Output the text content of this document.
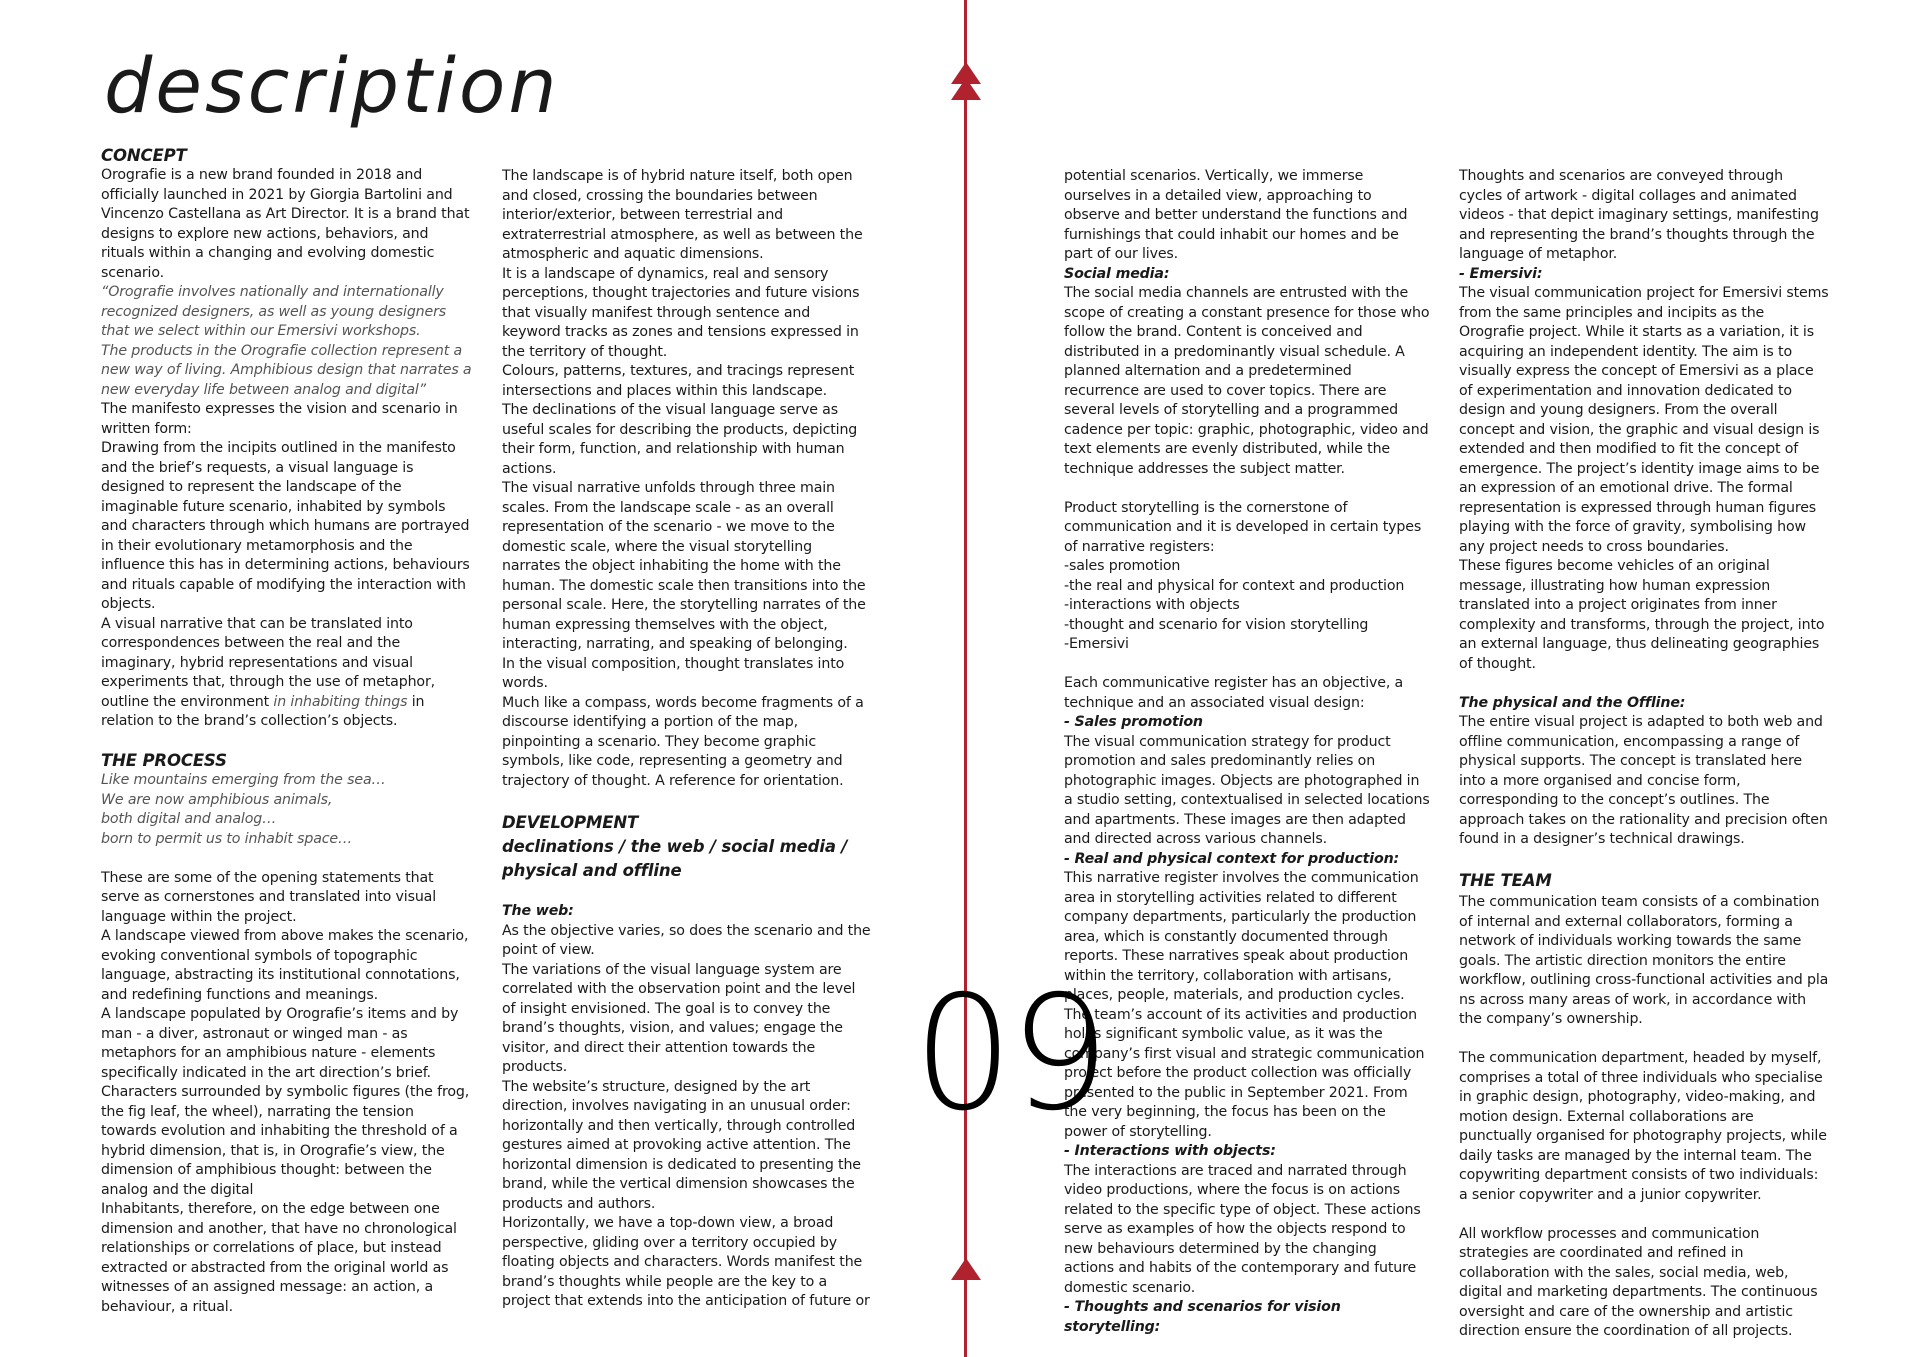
description
CONCEPT

Orografie is a new brand founded in 2018 and officially launched in 2021 by Giorgia Bartolini and Vincenzo Castellana as Art Director. It is a brand that designs to explore new actions, behaviors, and rituals within a changing and evolving domestic scenario.

“Orografie involves nationally and internationally recognized designers, as well as young designers that we select within our Emersivi workshops.

The products in the Orografie collection represent a new way of living. Amphibious design that narrates a new everyday life between analog and digital”

The manifesto expresses the vision and scenario in written form:

Drawing from the incipits outlined in the manifesto and the brief’s requests, a visual language is designed to represent the landscape of the imaginable future scenario, inhabited by symbols and characters through which humans are portrayed in their evolutionary metamorphosis and the influence this has in determining actions, behaviours and rituals capable of modifying the interaction with objects.

A visual narrative that can be translated into correspondences between the real and the imaginary, hybrid representations and visual experiments that, through the use of metaphor, outline the environment in inhabiting things in relation to the brand’s collection’s objects.

THE PROCESS

Like mountains emerging from the sea…

We are now amphibious animals,

both digital and analog…

born to permit us to inhabit space…

These are some of the opening statements that serve as cornerstones and translated into visual language within the project.

A landscape viewed from above makes the scenario, evoking conventional symbols of topographic language, abstracting its institutional connotations, and redefining functions and meanings.

A landscape populated by Orografie’s items and by man - a diver, astronaut or winged man - as metaphors for an amphibious nature - elements specifically indicated in the art direction’s brief.

Characters surrounded by symbolic figures (the frog, the fig leaf, the wheel), narrating the tension towards evolution and inhabiting the threshold of a hybrid dimension, that is, in Orografie’s view, the dimension of amphibious thought: between the analog and the digital

Inhabitants, therefore, on the edge between one dimension and another, that have no chronological relationships or correlations of place, but instead extracted or abstracted from the original world as witnesses of an assigned message: an action, a behaviour, a ritual.

The landscape is of hybrid nature itself, both open and closed, crossing the boundaries between interior/exterior, between terrestrial and extraterrestrial atmosphere, as well as between the atmospheric and aquatic dimensions.

It is a landscape of dynamics, real and sensory perceptions, thought trajectories and future visions that visually manifest through sentence and keyword tracks as zones and tensions expressed in the territory of thought.

Colours, patterns, textures, and tracings represent intersections and places within this landscape.

The declinations of the visual language serve as useful scales for describing the products, depicting their form, function, and relationship with human actions.

The visual narrative unfolds through three main scales. From the landscape scale - as an overall representation of the scenario - we move to the domestic scale, where the visual storytelling narrates the object inhabiting the home with the human. The domestic scale then transitions into the personal scale. Here, the storytelling narrates of the human expressing themselves with the object, interacting, narrating, and speaking of belonging.

In the visual composition, thought translates into words.

Much like a compass, words become fragments of a discourse identifying a portion of the map, pinpointing a scenario. They become graphic symbols, like code, representing a geometry and trajectory of thought. A reference for orientation.

DEVELOPMENT
declinations / the web / social media /
physical and offline
The web:

As the objective varies, so does the scenario and the point of view.

The variations of the visual language system are correlated with the observation point and the level of insight envisioned. The goal is to convey the brand’s thoughts, vision, and values; engage the visitor, and direct their attention towards the products.

The website’s structure, designed by the art direction, involves navigating in an unusual order: horizontally and then vertically, through controlled gestures aimed at provoking active attention. The horizontal dimension is dedicated to presenting the brand, while the vertical dimension showcases the products and authors.

Horizontally, we have a top-down view, a broad perspective, gliding over a territory occupied by floating objects and characters. Words manifest the brand’s thoughts while people are the key to a project that extends into the anticipation of future or

potential scenarios. Vertically, we immerse ourselves in a detailed view, approaching to observe and better understand the functions and furnishings that could inhabit our homes and be part of our lives.

Social media:

The social media channels are entrusted with the scope of creating a constant presence for those who follow the brand. Content is conceived and distributed in a predominantly visual schedule. A planned alternation and a predetermined recurrence are used to cover topics. There are several levels of storytelling and a programmed cadence per topic: graphic, photographic, video and text elements are evenly distributed, while the technique addresses the subject matter.

Product storytelling is the cornerstone of communication and it is developed in certain types of narrative registers:

-sales promotion

-the real and physical for context and production

-interactions with objects

-thought and scenario for vision storytelling

-Emersivi

Each communicative register has an objective, a technique and an associated visual design:

- Sales promotion

The visual communication strategy for product promotion and sales predominantly relies on photographic images. Objects are photographed in a studio setting, contextualised in selected locations and apartments. These images are then adapted and directed across various channels.

- Real and physical context for production:

This narrative register involves the communication area in storytelling activities related to different company departments, particularly the production area, which is constantly documented through reports. These narratives speak about production within the territory, collaboration with artisans, places, people, materials, and production cycles. The team’s account of its activities and production holds significant symbolic value, as it was the company’s first visual and strategic communication project before the product collection was officially presented to the public in September 2021. From the very beginning, the focus has been on the power of storytelling.

- Interactions with objects:

The interactions are traced and narrated through video productions, where the focus is on actions related to the specific type of object. These actions serve as examples of how the objects respond to new behaviours determined by the changing actions and habits of the contemporary and future domestic scenario.

- Thoughts and scenarios for vision storytelling:

Thoughts and scenarios are conveyed through cycles of artwork - digital collages and animated videos - that depict imaginary settings, manifesting and representing the brand’s thoughts through the language of metaphor.

- Emersivi:

The visual communication project for Emersivi stems from the same principles and incipits as the Orografie project. While it starts as a variation, it is acquiring an independent identity. The aim is to visually express the concept of Emersivi as a place of experimentation and innovation dedicated to design and young designers. From the overall concept and vision, the graphic and visual design is extended and then modified to fit the concept of emergence. The project’s identity image aims to be an expression of an emotional drive. The formal representation is expressed through human figures playing with the force of gravity, symbolising how any project needs to cross boundaries.

These figures become vehicles of an original message, illustrating how human expression translated into a project originates from inner complexity and transforms, through the project, into an external language, thus delineating geographies of thought.

The physical and the Offline:

The entire visual project is adapted to both web and offline communication, encompassing a range of physical supports. The concept is translated here into a more organised and concise form, corresponding to the concept’s outlines. The approach takes on the rationality and precision often found in a designer’s technical drawings.

THE TEAM

The communication team consists of a combination of internal and external collaborators, forming a network of individuals working towards the same goals. The artistic direction monitors the entire workflow, outlining cross-functional activities and pla ns across many areas of work, in accordance with the company’s ownership.

The communication department, headed by myself, comprises a total of three individuals who specialise in graphic design, photography, video-making, and motion design. External collaborations are punctually organised for photography projects, while daily tasks are managed by the internal team. The copywriting department consists of two individuals: a senior copywriter and a junior copywriter.

All workflow processes and communication strategies are coordinated and refined in collaboration with the sales, social media, web, digital and marketing departments. The continuous oversight and care of the ownership and artistic direction ensure the coordination of all projects.

09
